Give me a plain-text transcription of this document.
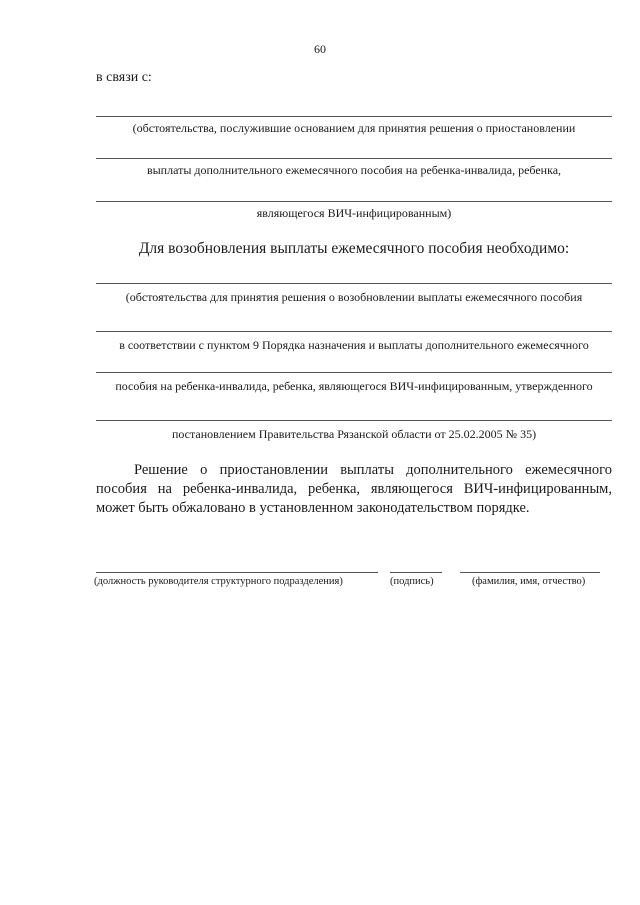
60
в связи с:
(обстоятельства, послужившие основанием для принятия решения о приостановлении
выплаты дополнительного ежемесячного пособия на ребенка-инвалида, ребенка,
являющегося ВИЧ-инфицированным)
Для возобновления выплаты ежемесячного пособия необходимо:
(обстоятельства для принятия решения о возобновлении выплаты ежемесячного пособия
в соответствии с пунктом 9 Порядка назначения и выплаты дополнительного ежемесячного
пособия на ребенка-инвалида, ребенка, являющегося ВИЧ-инфицированным, утвержденного
постановлением Правительства Рязанской области от 25.02.2005 № 35)
Решение о приостановлении выплаты дополнительного ежемесячного пособия на ребенка-инвалида, ребенка, являющегося ВИЧ-инфицированным, может быть обжаловано в установленном законодательством порядке.
(должность руководителя структурного подразделения)	(подпись)	(фамилия, имя, отчество)
